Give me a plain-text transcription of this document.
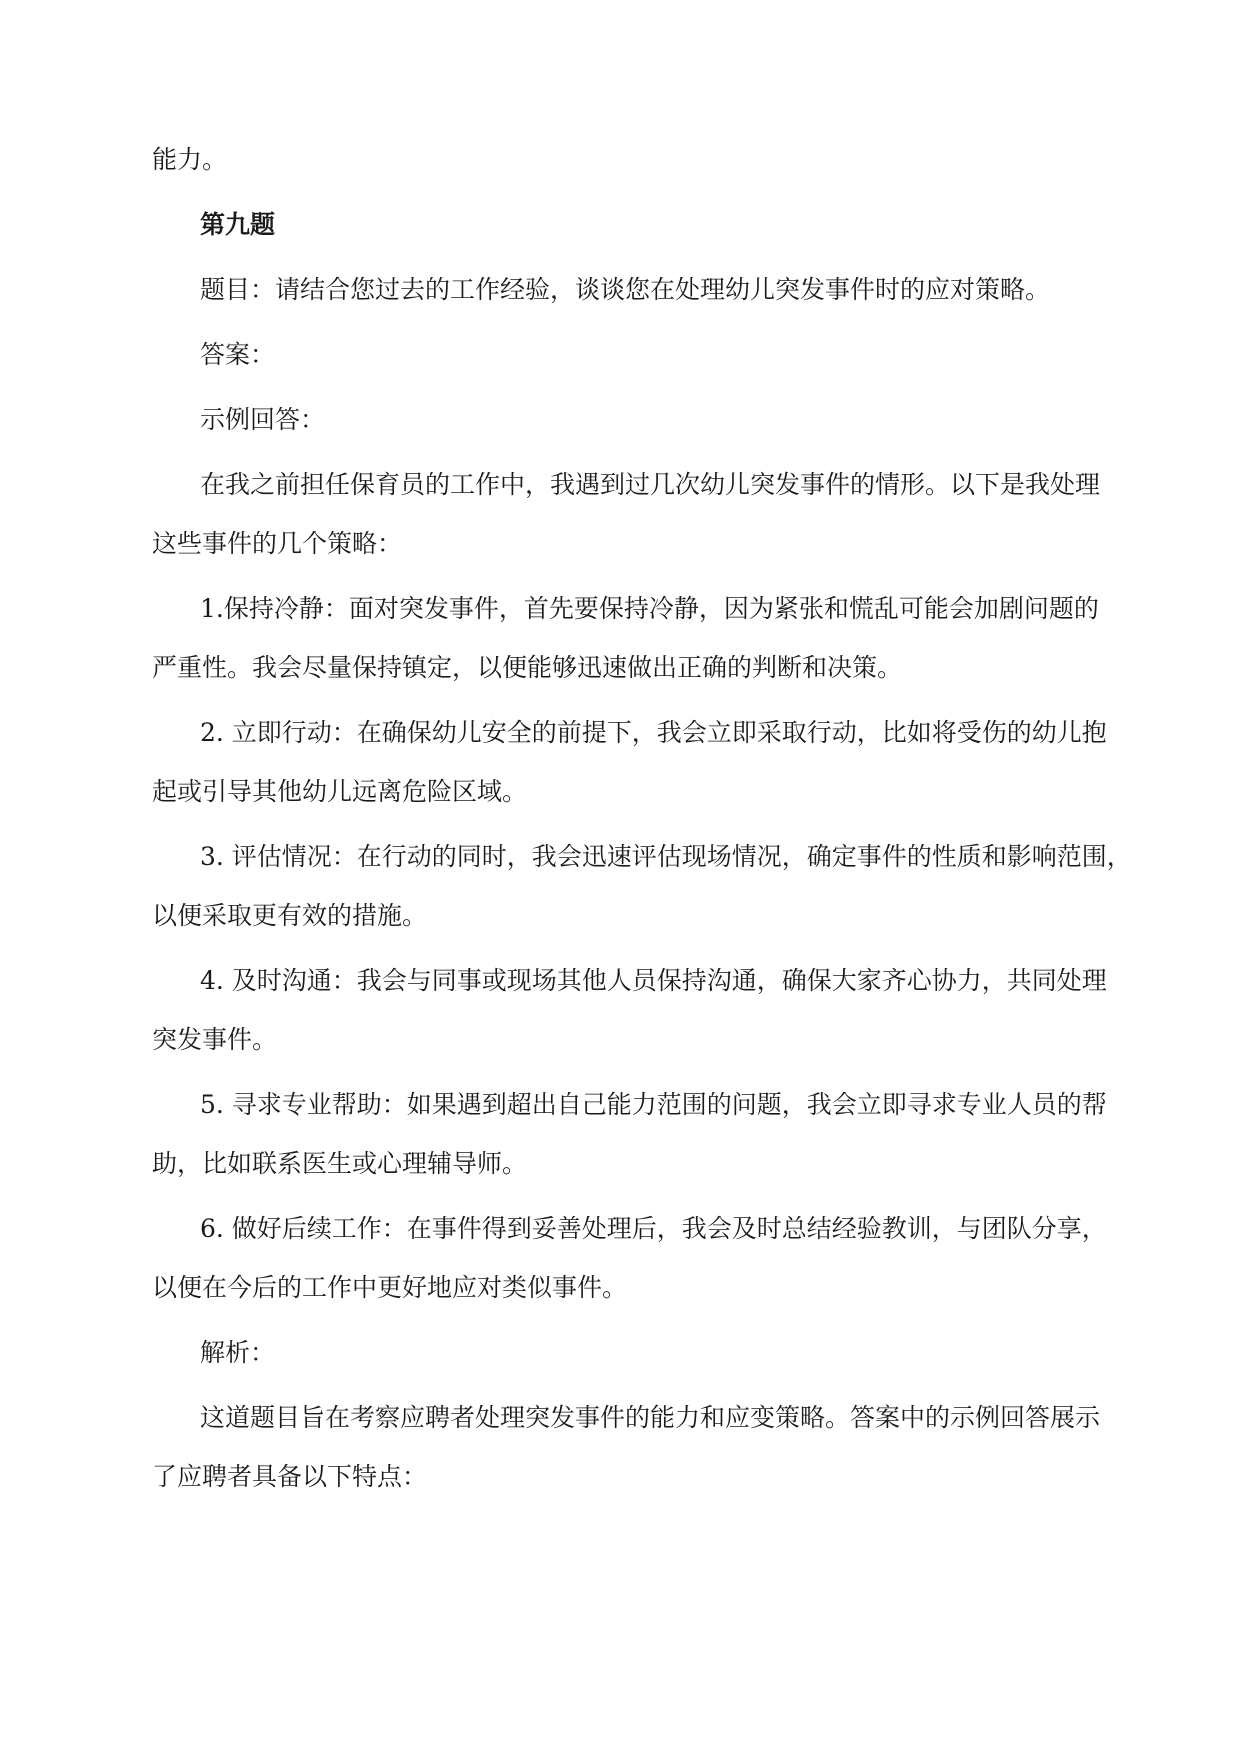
能力。
第九题
题目：请结合您过去的工作经验，谈谈您在处理幼儿突发事件时的应对策略。
答案：
示例回答：
在我之前担任保育员的工作中，我遇到过几次幼儿突发事件的情形。以下是我处理
这些事件的几个策略：
1.保持冷静：面对突发事件，首先要保持冷静，因为紧张和慌乱可能会加剧问题的
严重性。我会尽量保持镇定，以便能够迅速做出正确的判断和决策。
2. 立即行动：在确保幼儿安全的前提下，我会立即采取行动，比如将受伤的幼儿抱
起或引导其他幼儿远离危险区域。
3. 评估情况：在行动的同时，我会迅速评估现场情况，确定事件的性质和影响范围，
以便采取更有效的措施。
4. 及时沟通：我会与同事或现场其他人员保持沟通，确保大家齐心协力，共同处理
突发事件。
5. 寻求专业帮助：如果遇到超出自己能力范围的问题，我会立即寻求专业人员的帮
助，比如联系医生或心理辅导师。
6. 做好后续工作：在事件得到妥善处理后，我会及时总结经验教训，与团队分享，
以便在今后的工作中更好地应对类似事件。
解析：
这道题目旨在考察应聘者处理突发事件的能力和应变策略。答案中的示例回答展示
了应聘者具备以下特点：
